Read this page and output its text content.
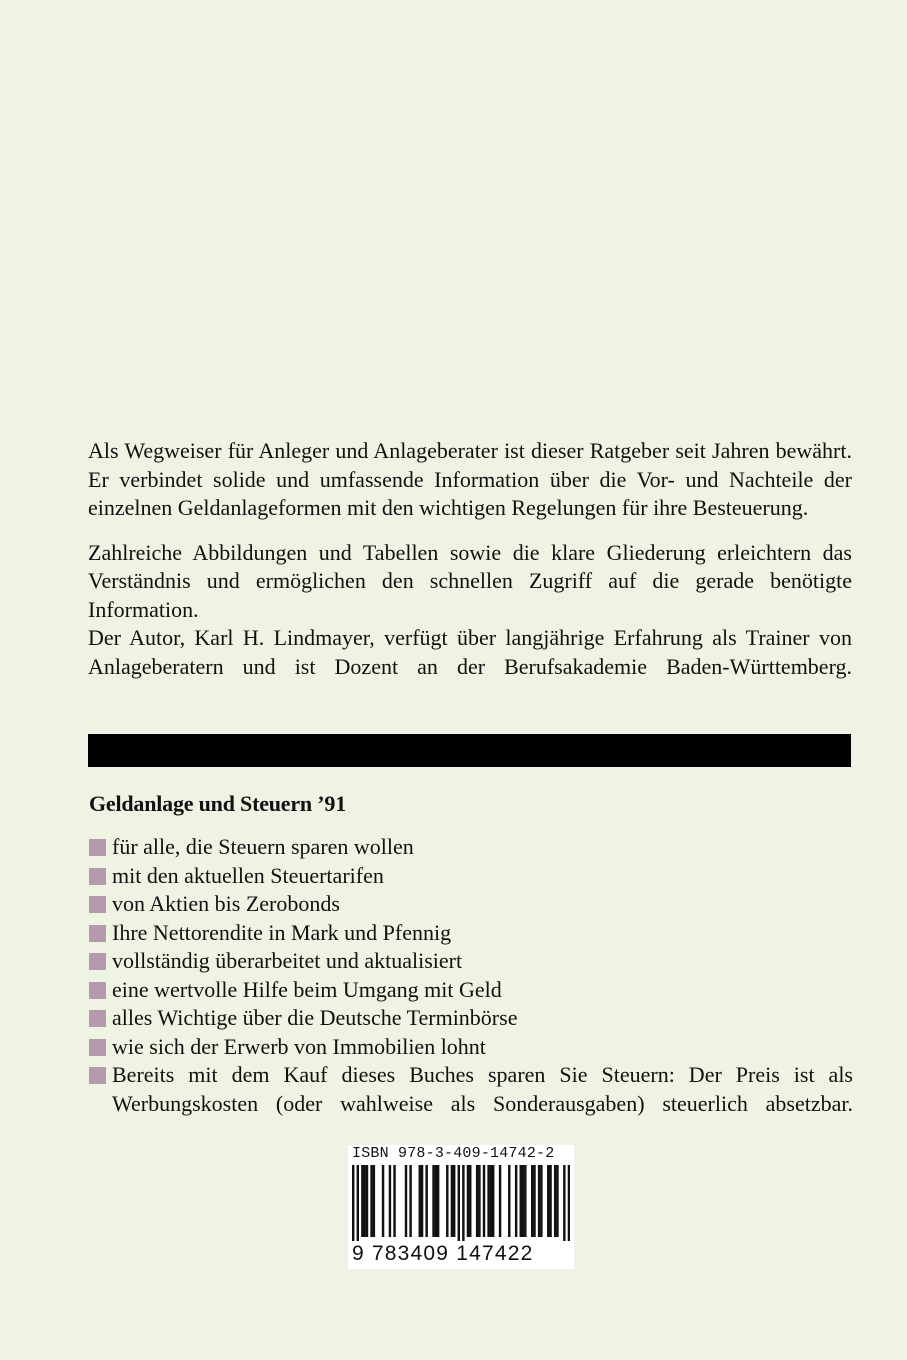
Als Wegweiser für Anleger und Anlageberater ist dieser Ratgeber seit Jahren bewährt. Er verbindet solide und umfassende Information über die Vor- und Nachteile der einzelnen Geldanlageformen mit den wichtigen Regelungen für ihre Besteuerung.

Zahlreiche Abbildungen und Tabellen sowie die klare Gliederung erleichtern das Verständnis und ermöglichen den schnellen Zugriff auf die gerade benötigte Information.

Der Autor, Karl H. Lindmayer, verfügt über langjährige Erfahrung als Trainer von Anlageberatern und ist Dozent an der Berufsakademie Baden-Württemberg.

Geldanlage und Steuern ’91
für alle, die Steuern sparen wollen
mit den aktuellen Steuertarifen
von Aktien bis Zerobonds
Ihre Nettorendite in Mark und Pfennig
vollständig überarbeitet und aktualisiert
eine wertvolle Hilfe beim Umgang mit Geld
alles Wichtige über die Deutsche Terminbörse
wie sich der Erwerb von Immobilien lohnt
Bereits mit dem Kauf dieses Buches sparen Sie Steuern: Der Preis ist als Werbungskosten (oder wahlweise als Sonderausgaben) steuerlich absetzbar.
ISBN 978-3-409-14742-2
9 783409 147422
